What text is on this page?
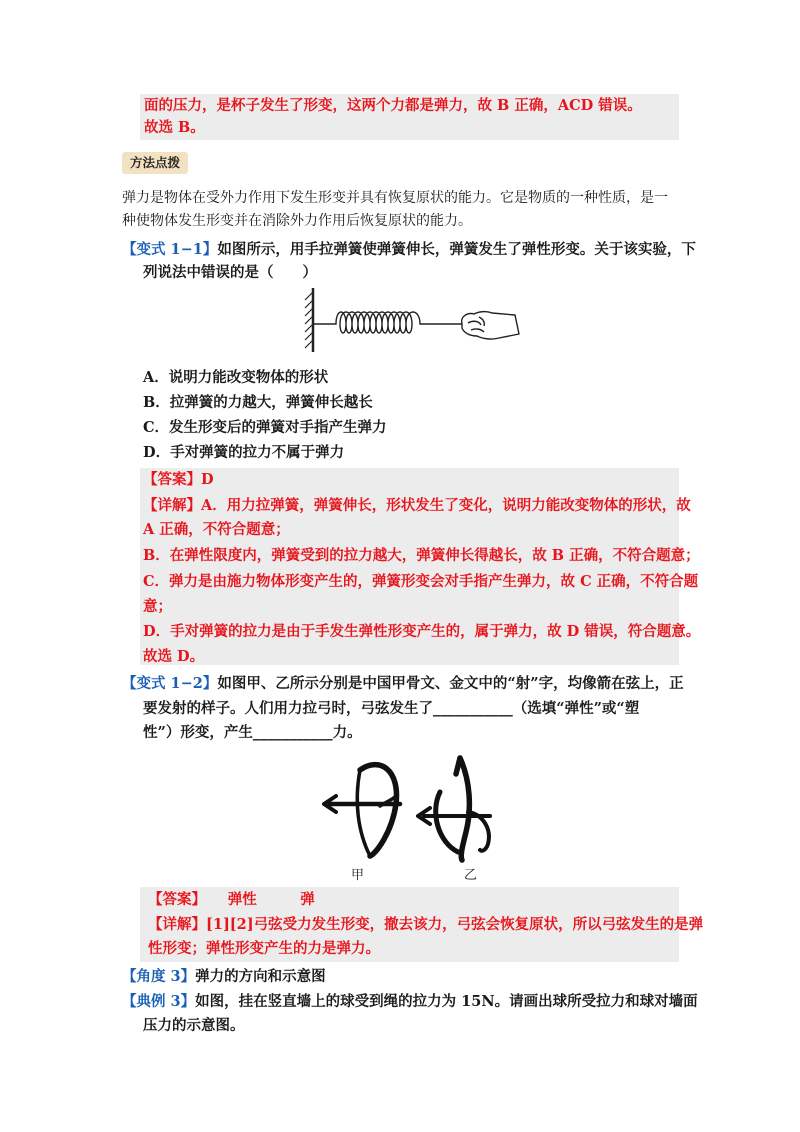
面的压力，是杯子发生了形变，这两个力都是弹力，故 B 正确，ACD 错误。
故选 B。
方法点拨
弹力是物体在受外力作用下发生形变并具有恢复原状的能力。它是物质的一种性质，是一
种使物体发生形变并在消除外力作用后恢复原状的能力。
【变式 1−1】如图所示，用手拉弹簧使弹簧伸长，弹簧发生了弹性形变。关于该实验，下
列说法中错误的是（　　）
A．说明力能改变物体的形状
B．拉弹簧的力越大，弹簧伸长越长
C．发生形变后的弹簧对手指产生弹力
D．手对弹簧的拉力不属于弹力
【答案】D
【详解】A．用力拉弹簧，弹簧伸长，形状发生了变化，说明力能改变物体的形状，故
A 正确，不符合题意；
B．在弹性限度内，弹簧受到的拉力越大，弹簧伸长得越长，故 B 正确，不符合题意；
C．弹力是由施力物体形变产生的，弹簧形变会对手指产生弹力，故 C 正确，不符合题
意；
D．手对弹簧的拉力是由于手发生弹性形变产生的，属于弹力，故 D 错误，符合题意。
故选 D。
【变式 1−2】如图甲、乙所示分别是中国甲骨文、金文中的“射”字，均像箭在弦上，正
要发射的样子。人们用力拉弓时，弓弦发生了___________（选填“弹性”或“塑
性”）形变，产生___________力。
甲	乙
【答案】　　弹性　　　弹
【详解】[1][2]弓弦受力发生形变，撤去该力，弓弦会恢复原状，所以弓弦发生的是弹
性形变；弹性形变产生的力是弹力。
【角度 3】弹力的方向和示意图
【典例 3】如图，挂在竖直墙上的球受到绳的拉力为 15N。请画出球所受拉力和球对墙面
压力的示意图。
